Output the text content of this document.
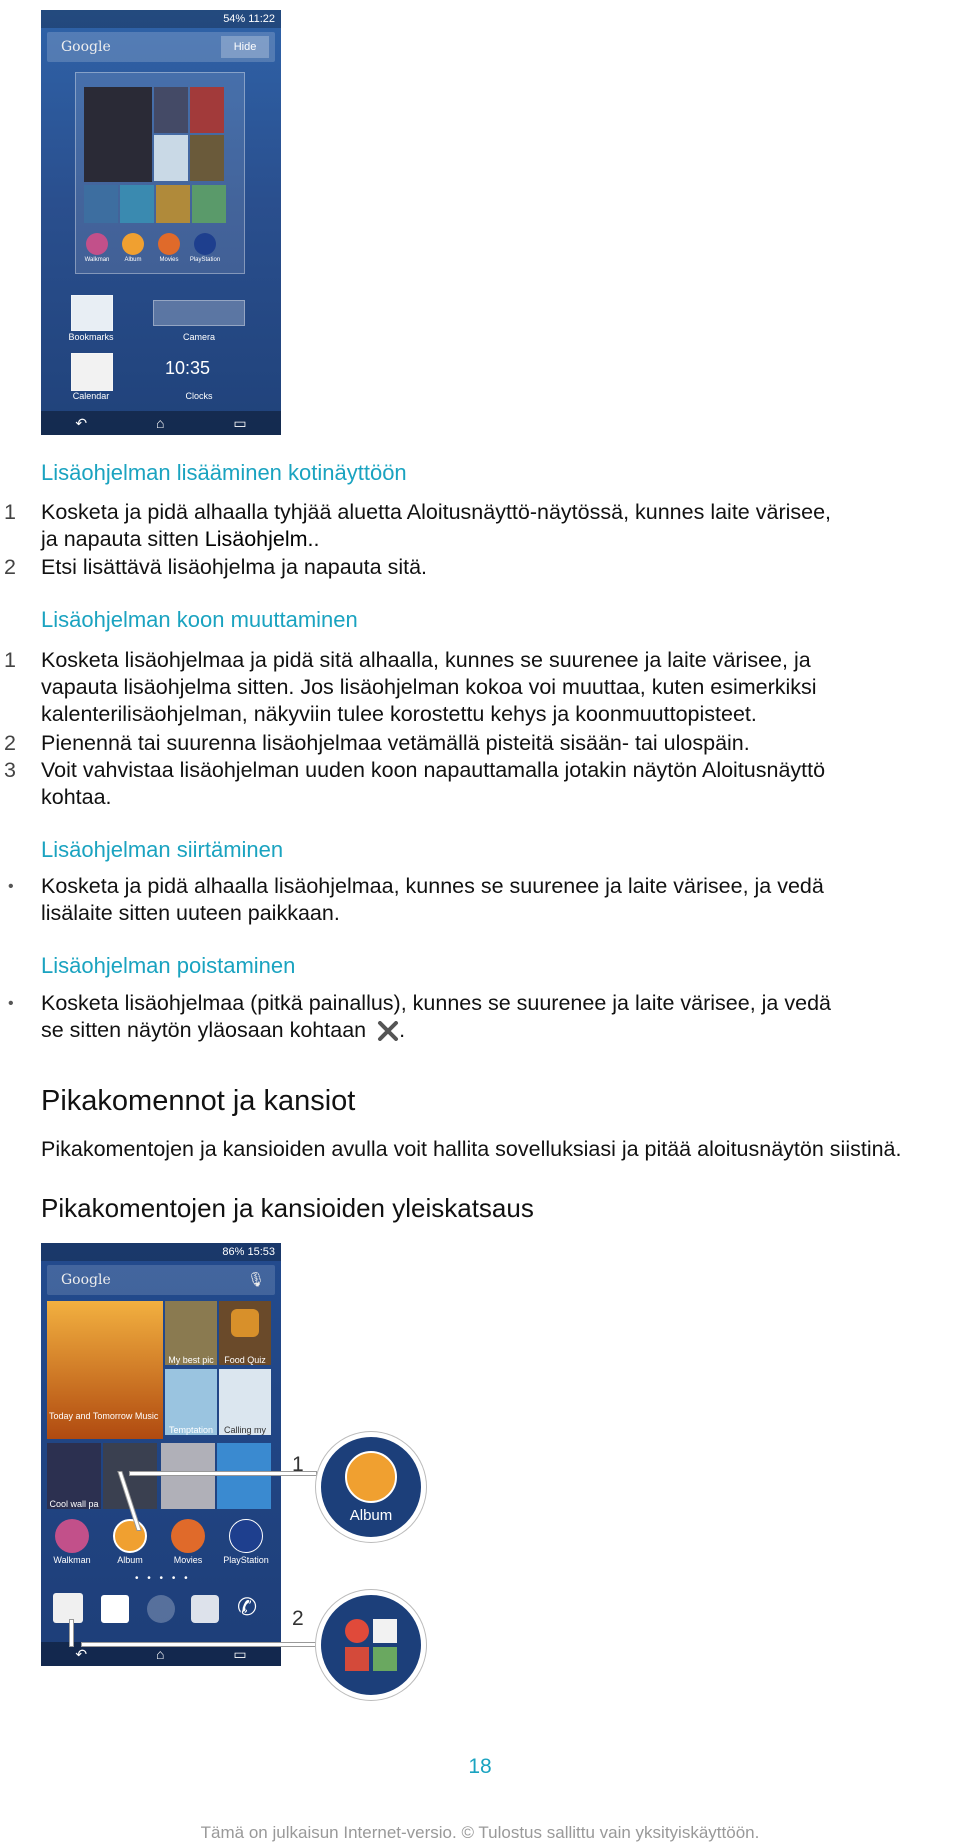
54% 11:22
Google	Hide
Walkman	Album	Movies	PlayStation
Bookmarks	Camera
Calendar
10:35
Clocks
↶	⌂	▭
Lisäohjelman lisääminen kotinäyttöön
1 Kosketa ja pidä alhaalla tyhjää aluetta Aloitusnäyttö-näytössä, kunnes laite värisee,
ja napauta sitten Lisäohjelm..
2 Etsi lisättävä lisäohjelma ja napauta sitä.
Lisäohjelman koon muuttaminen
1 Kosketa lisäohjelmaa ja pidä sitä alhaalla, kunnes se suurenee ja laite värisee, ja
vapauta lisäohjelma sitten. Jos lisäohjelman kokoa voi muuttaa, kuten esimerkiksi
kalenterilisäohjelman, näkyviin tulee korostettu kehys ja koonmuuttopisteet.
2 Pienennä tai suurenna lisäohjelmaa vetämällä pisteitä sisään- tai ulospäin.
3 Voit vahvistaa lisäohjelman uuden koon napauttamalla jotakin näytön Aloitusnäyttö
kohtaa.
Lisäohjelman siirtäminen
• Kosketa ja pidä alhaalla lisäohjelmaa, kunnes se suurenee ja laite värisee, ja vedä
lisälaite sitten uuteen paikkaan.
Lisäohjelman poistaminen
• Kosketa lisäohjelmaa (pitkä painallus), kunnes se suurenee ja laite värisee, ja vedä
se sitten näytön yläosaan kohtaan .
Pikakomennot ja kansiot
Pikakomentojen ja kansioiden avulla voit hallita sovelluksiasi ja pitää aloitusnäytön siistinä.
Pikakomentojen ja kansioiden yleiskatsaus
86% 15:53
Google	🎙
Today and Tomorrow Music
My best pic	Food Quiz
Temptation	Calling my
Cool wall pa
Walkman	Album	Movies	PlayStation
• • • • •
✆
↶	⌂	▭
1
2
Album
18
Tämä on julkaisun Internet-versio. © Tulostus sallittu vain yksityiskäyttöön.
